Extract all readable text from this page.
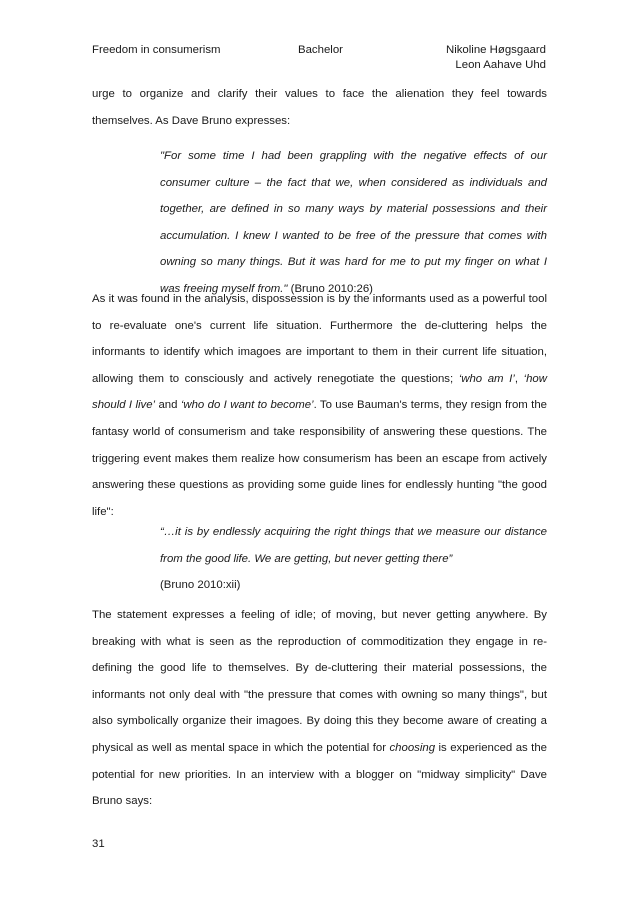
Freedom in consumerism	Bachelor	Nikoline Høgsgaard
Leon Aahave Uhd

urge to organize and clarify their values to face the alienation they feel towards themselves. As Dave Bruno expresses:

"For some time I had been grappling with the negative effects of our consumer culture – the fact that we, when considered as individuals and together, are defined in so many ways by material possessions and their accumulation. I knew I wanted to be free of the pressure that comes with owning so many things. But it was hard for me to put my finger on what I was freeing myself from." (Bruno 2010:26)

As it was found in the analysis, dispossession is by the informants used as a powerful tool to re-evaluate one's current life situation. Furthermore the de-cluttering helps the informants to identify which imagoes are important to them in their current life situation, allowing them to consciously and actively renegotiate the questions; ‘who am I’, ‘how should I live’ and ‘who do I want to become’. To use Bauman's terms, they resign from the fantasy world of consumerism and take responsibility of answering these questions. The triggering event makes them realize how consumerism has been an escape from actively answering these questions as providing some guide lines for endlessly hunting "the good life":

“…it is by endlessly acquiring the right things that we measure our distance from the good life. We are getting, but never getting there”
(Bruno 2010:xii)

The statement expresses a feeling of idle; of moving, but never getting anywhere. By breaking with what is seen as the reproduction of commoditization they engage in re-defining the good life to themselves. By de-cluttering their material possessions, the informants not only deal with "the pressure that comes with owning so many things", but also symbolically organize their imagoes. By doing this they become aware of creating a physical as well as mental space in which the potential for choosing is experienced as the potential for new priorities. In an interview with a blogger on "midway simplicity" Dave Bruno says:

31
